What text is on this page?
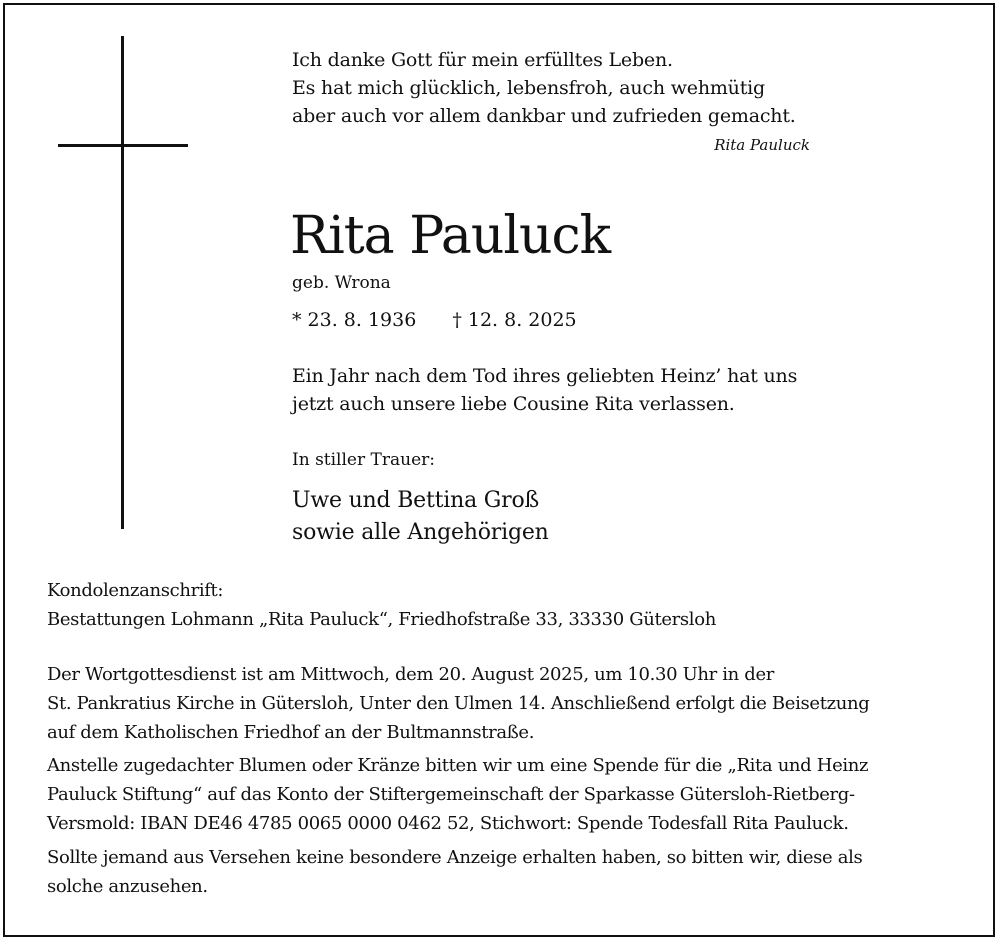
Ich danke Gott für mein erfülltes Leben.
Es hat mich glücklich, lebensfroh, auch wehmütig
aber auch vor allem dankbar und zufrieden gemacht.
Rita Pauluck
Rita Pauluck
geb. Wrona
* 23. 8. 1936 † 12. 8. 2025
Ein Jahr nach dem Tod ihres geliebten Heinz’ hat uns
jetzt auch unsere liebe Cousine Rita verlassen.
In stiller Trauer:
Uwe und Bettina Groß
sowie alle Angehörigen
Kondolenzanschrift:
Bestattungen Lohmann „Rita Pauluck“, Friedhofstraße 33, 33330 Gütersloh
Der Wortgottesdienst ist am Mittwoch, dem 20. August 2025, um 10.30 Uhr in der
St. Pankratius Kirche in Gütersloh, Unter den Ulmen 14. Anschließend erfolgt die Beisetzung
auf dem Katholischen Friedhof an der Bultmannstraße.
Anstelle zugedachter Blumen oder Kränze bitten wir um eine Spende für die „Rita und Heinz
Pauluck Stiftung“ auf das Konto der Stiftergemeinschaft der Sparkasse Gütersloh-Rietberg-
Versmold: IBAN DE46 4785 0065 0000 0462 52, Stichwort: Spende Todesfall Rita Pauluck.
Sollte jemand aus Versehen keine besondere Anzeige erhalten haben, so bitten wir, diese als
solche anzusehen.
